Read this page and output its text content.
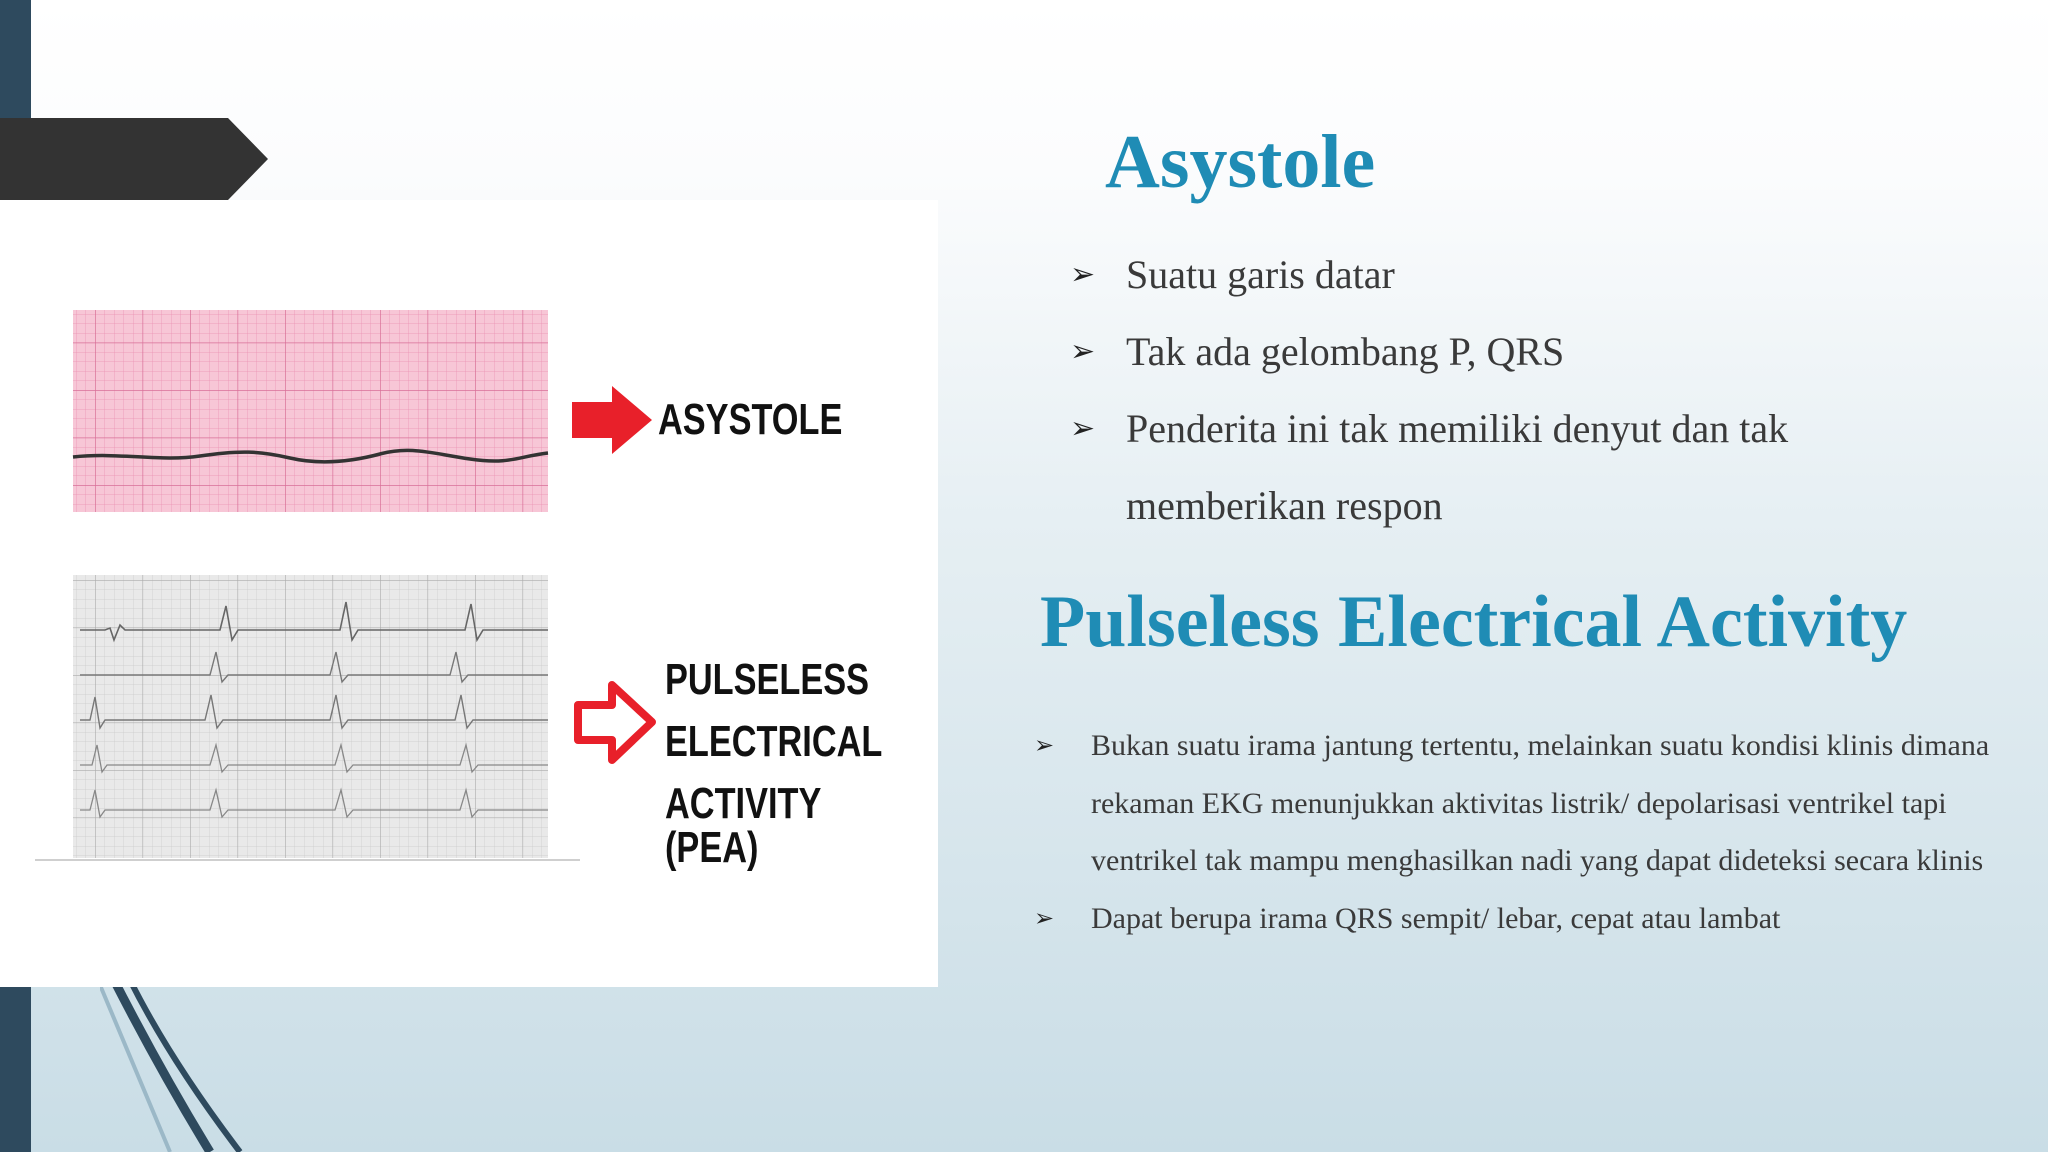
ASYSTOLE
PULSELESS
ELECTRICAL
ACTIVITY (PEA)
Asystole
➢ Suatu garis datar
➢ Tak ada gelombang P, QRS
➢ Penderita ini tak memiliki denyut dan tak memberikan respon
Pulseless Electrical Activity
➢ Bukan suatu irama jantung tertentu, melainkan suatu kondisi klinis dimana rekaman EKG menunjukkan aktivitas listrik/ depolarisasi ventrikel tapi ventrikel tak mampu menghasilkan nadi yang dapat dideteksi secara klinis
➢ Dapat berupa irama QRS sempit/ lebar, cepat atau lambat
